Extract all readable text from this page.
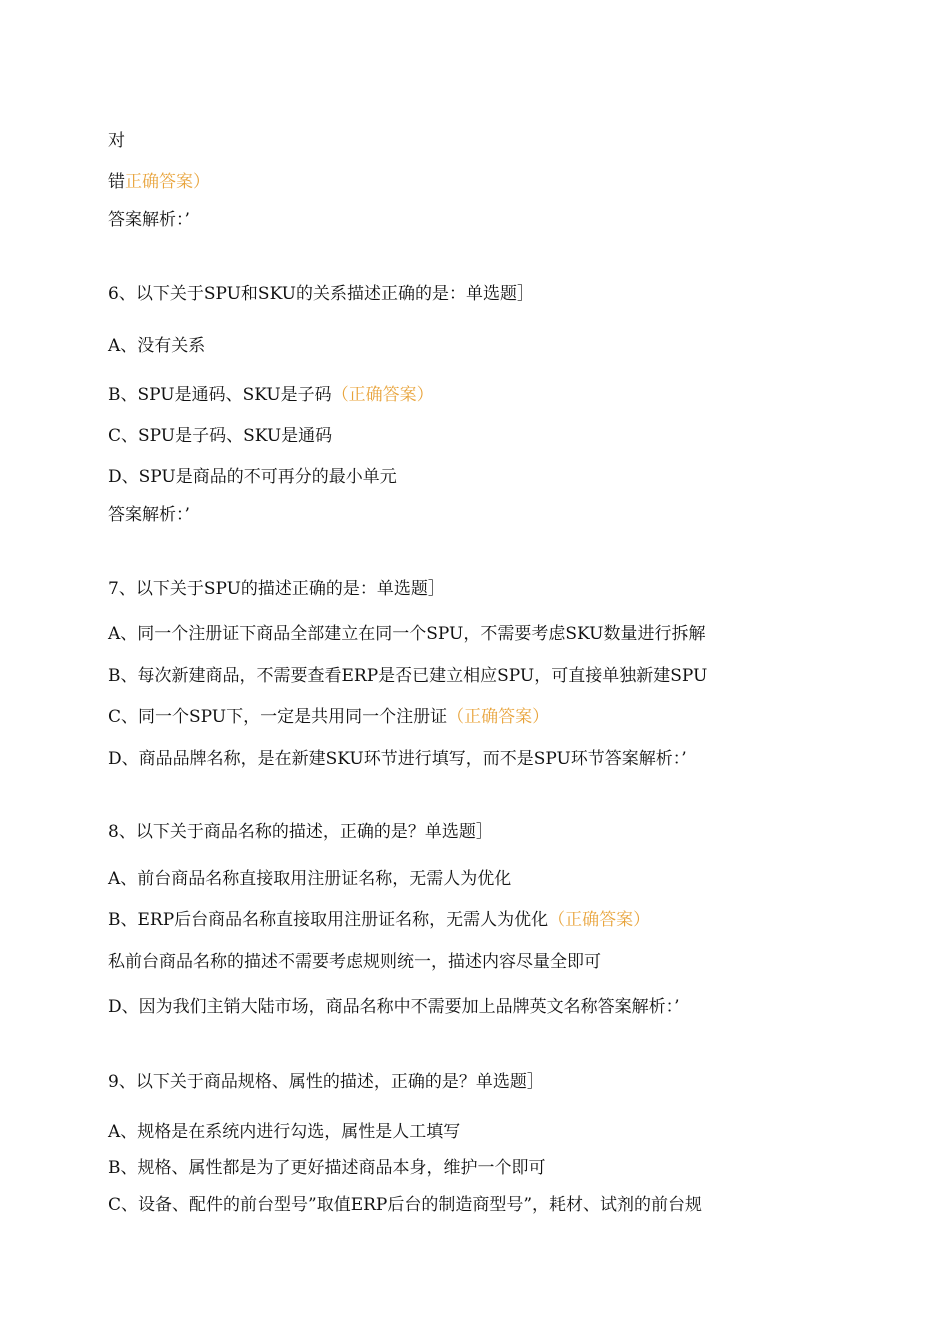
对
错正确答案）
答案解析：’
6、以下关于SPU和SKU的关系描述正确的是：单选题］
A、没有关系
B、SPU是通码、SKU是子码（正确答案）
C、SPU是子码、SKU是通码
D、SPU是商品的不可再分的最小单元
答案解析：’
7、以下关于SPU的描述正确的是：单选题］
A、同一个注册证下商品全部建立在同一个SPU，不需要考虑SKU数量进行拆解
B、每次新建商品，不需要查看ERP是否已建立相应SPU，可直接单独新建SPU
C、同一个SPU下，一定是共用同一个注册证（正确答案）
D、商品品牌名称，是在新建SKU环节进行填写，而不是SPU环节答案解析：’
8、以下关于商品名称的描述，正确的是？单选题］
A、前台商品名称直接取用注册证名称，无需人为优化
B、ERP后台商品名称直接取用注册证名称，无需人为优化（正确答案）
私前台商品名称的描述不需要考虑规则统一，描述内容尽量全即可
D、因为我们主销大陆市场，商品名称中不需要加上品牌英文名称答案解析：’
9、以下关于商品规格、属性的描述，正确的是？单选题］
A、规格是在系统内进行勾选，属性是人工填写
B、规格、属性都是为了更好描述商品本身，维护一个即可
C、设备、配件的前台型号”取值ERP后台的制造商型号”，耗材、试剂的前台规
